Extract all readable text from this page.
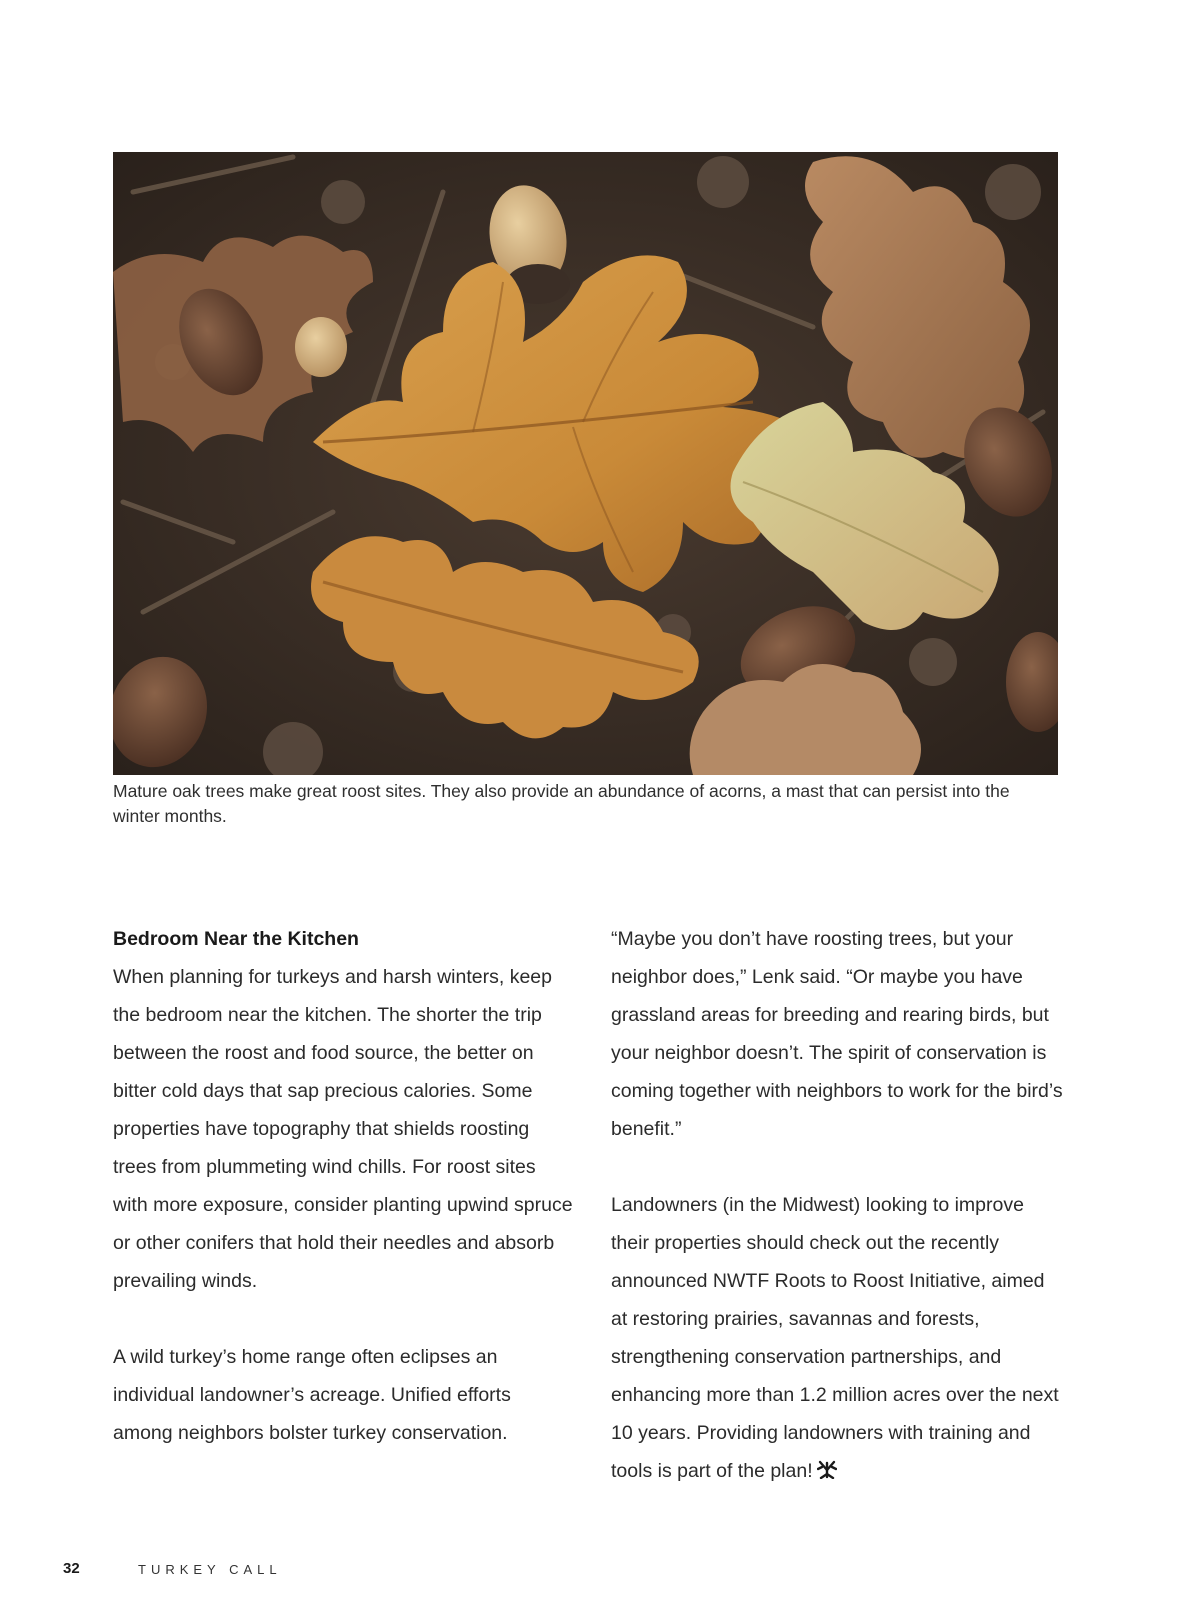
Mature oak trees make great roost sites. They also provide an abundance of acorns, a mast that can persist into the winter months.

Bedroom Near the Kitchen

When planning for turkeys and harsh winters, keep the bedroom near the kitchen. The shorter the trip between the roost and food source, the better on bitter cold days that sap precious calories. Some properties have topography that shields roosting trees from plummeting wind chills. For roost sites with more exposure, consider planting upwind spruce or other conifers that hold their needles and absorb prevailing winds.

A wild turkey’s home range often eclipses an individual landowner’s acreage. Unified efforts among neighbors bolster turkey conservation.

“Maybe you don’t have roosting trees, but your neighbor does,” Lenk said. “Or maybe you have grassland areas for breeding and rearing birds, but your neighbor doesn’t. The spirit of conservation is coming together with neighbors to work for the bird’s benefit.”

Landowners (in the Midwest) looking to improve their properties should check out the recently announced NWTF Roots to Roost Initiative, aimed at restoring prairies, savannas and forests, strengthening conservation partnerships, and enhancing more than 1.2 million acres over the next 10 years. Providing landowners with training and tools is part of the plan!

32	TURKEY CALL
